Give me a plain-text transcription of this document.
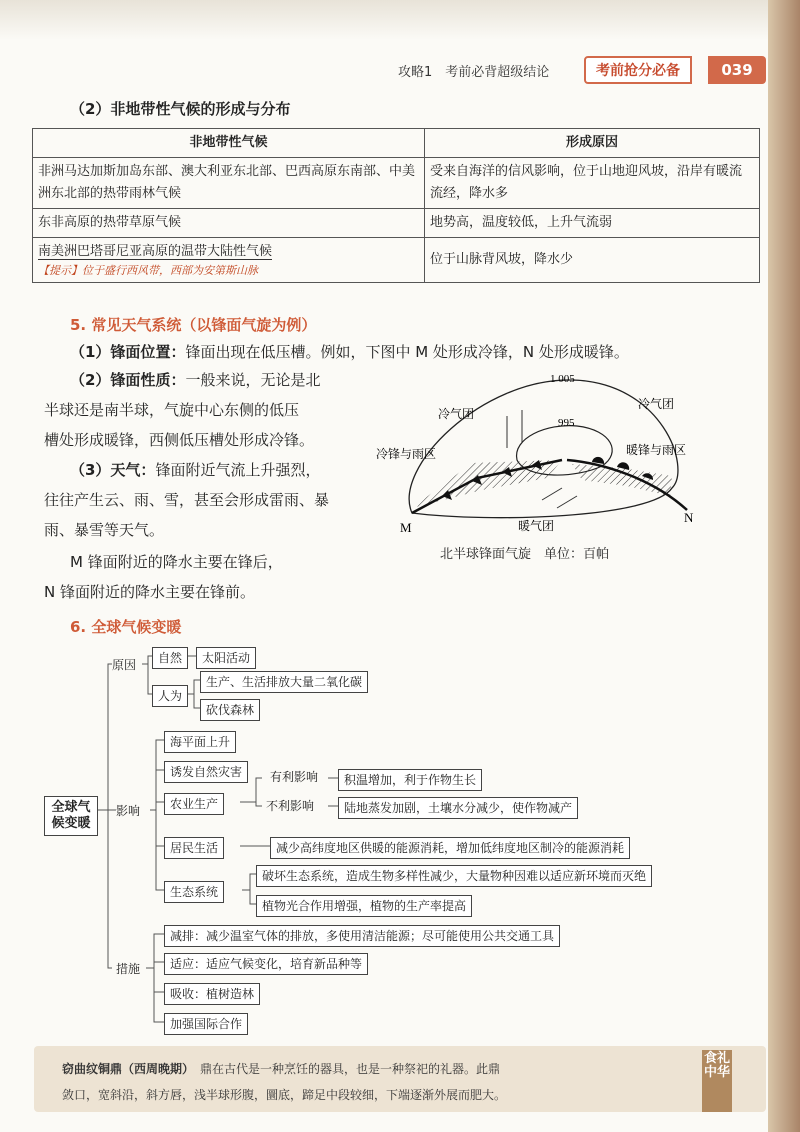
攻略1　考前必背超级结论	考前抢分必备	039
（2）非地带性气候的形成与分布
非地带性气候	形成原因
非洲马达加斯加岛东部、澳大利亚东北部、巴西高原东南部、中美洲东北部的热带雨林气候	受来自海洋的信风影响，位于山地迎风坡，沿岸有暖流流经，降水多
东非高原的热带草原气候	地势高，温度较低，上升气流弱
南美洲巴塔哥尼亚高原的温带大陆性气候
【提示】位于盛行西风带，西部为安第斯山脉	位于山脉背风坡，降水少
5. 常见天气系统（以锋面气旋为例）
（1）锋面位置：锋面出现在低压槽。例如，下图中 M 处形成冷锋，N 处形成暖锋。
（2）锋面性质：一般来说，无论是北
半球还是南半球，气旋中心东侧的低压
槽处形成暖锋，西侧低压槽处形成冷锋。
（3）天气：锋面附近气流上升强烈，
往往产生云、雨、雪，甚至会形成雷雨、暴
雨、暴雪等天气。
M 锋面附近的降水主要在锋后，
N 锋面附近的降水主要在锋前。
1 005
995
冷气团
冷气团
冷锋与雨区	暖锋与雨区
暖气团
M
N
北半球锋面气旋　单位：百帕
6. 全球气候变暖
全球气候变暖
原因	自然	太阳活动
人为
生产、生活排放大量二氧化碳
砍伐森林
影响
海平面上升
诱发自然灾害
农业生产
有利影响	积温增加，利于作物生长
不利影响	陆地蒸发加剧，土壤水分减少，使作物减产
居民生活	减少高纬度地区供暖的能源消耗，增加低纬度地区制冷的能源消耗
生态系统
破坏生态系统，造成生物多样性减少，大量物种因难以适应新环境而灭绝
植物光合作用增强，植物的生产率提高
措施
减排：减少温室气体的排放，多使用清洁能源；尽可能使用公共交通工具
适应：适应气候变化，培育新品种等
吸收：植树造林
加强国际合作
窃曲纹铜鼎（西周晚期）　 鼎在古代是一种烹饪的器具，也是一种祭祀的礼器。此鼎
敛口，宽斜沿，斜方唇，浅半球形腹，圜底，蹄足中段较细，下端逐渐外展而肥大。
食礼中华
